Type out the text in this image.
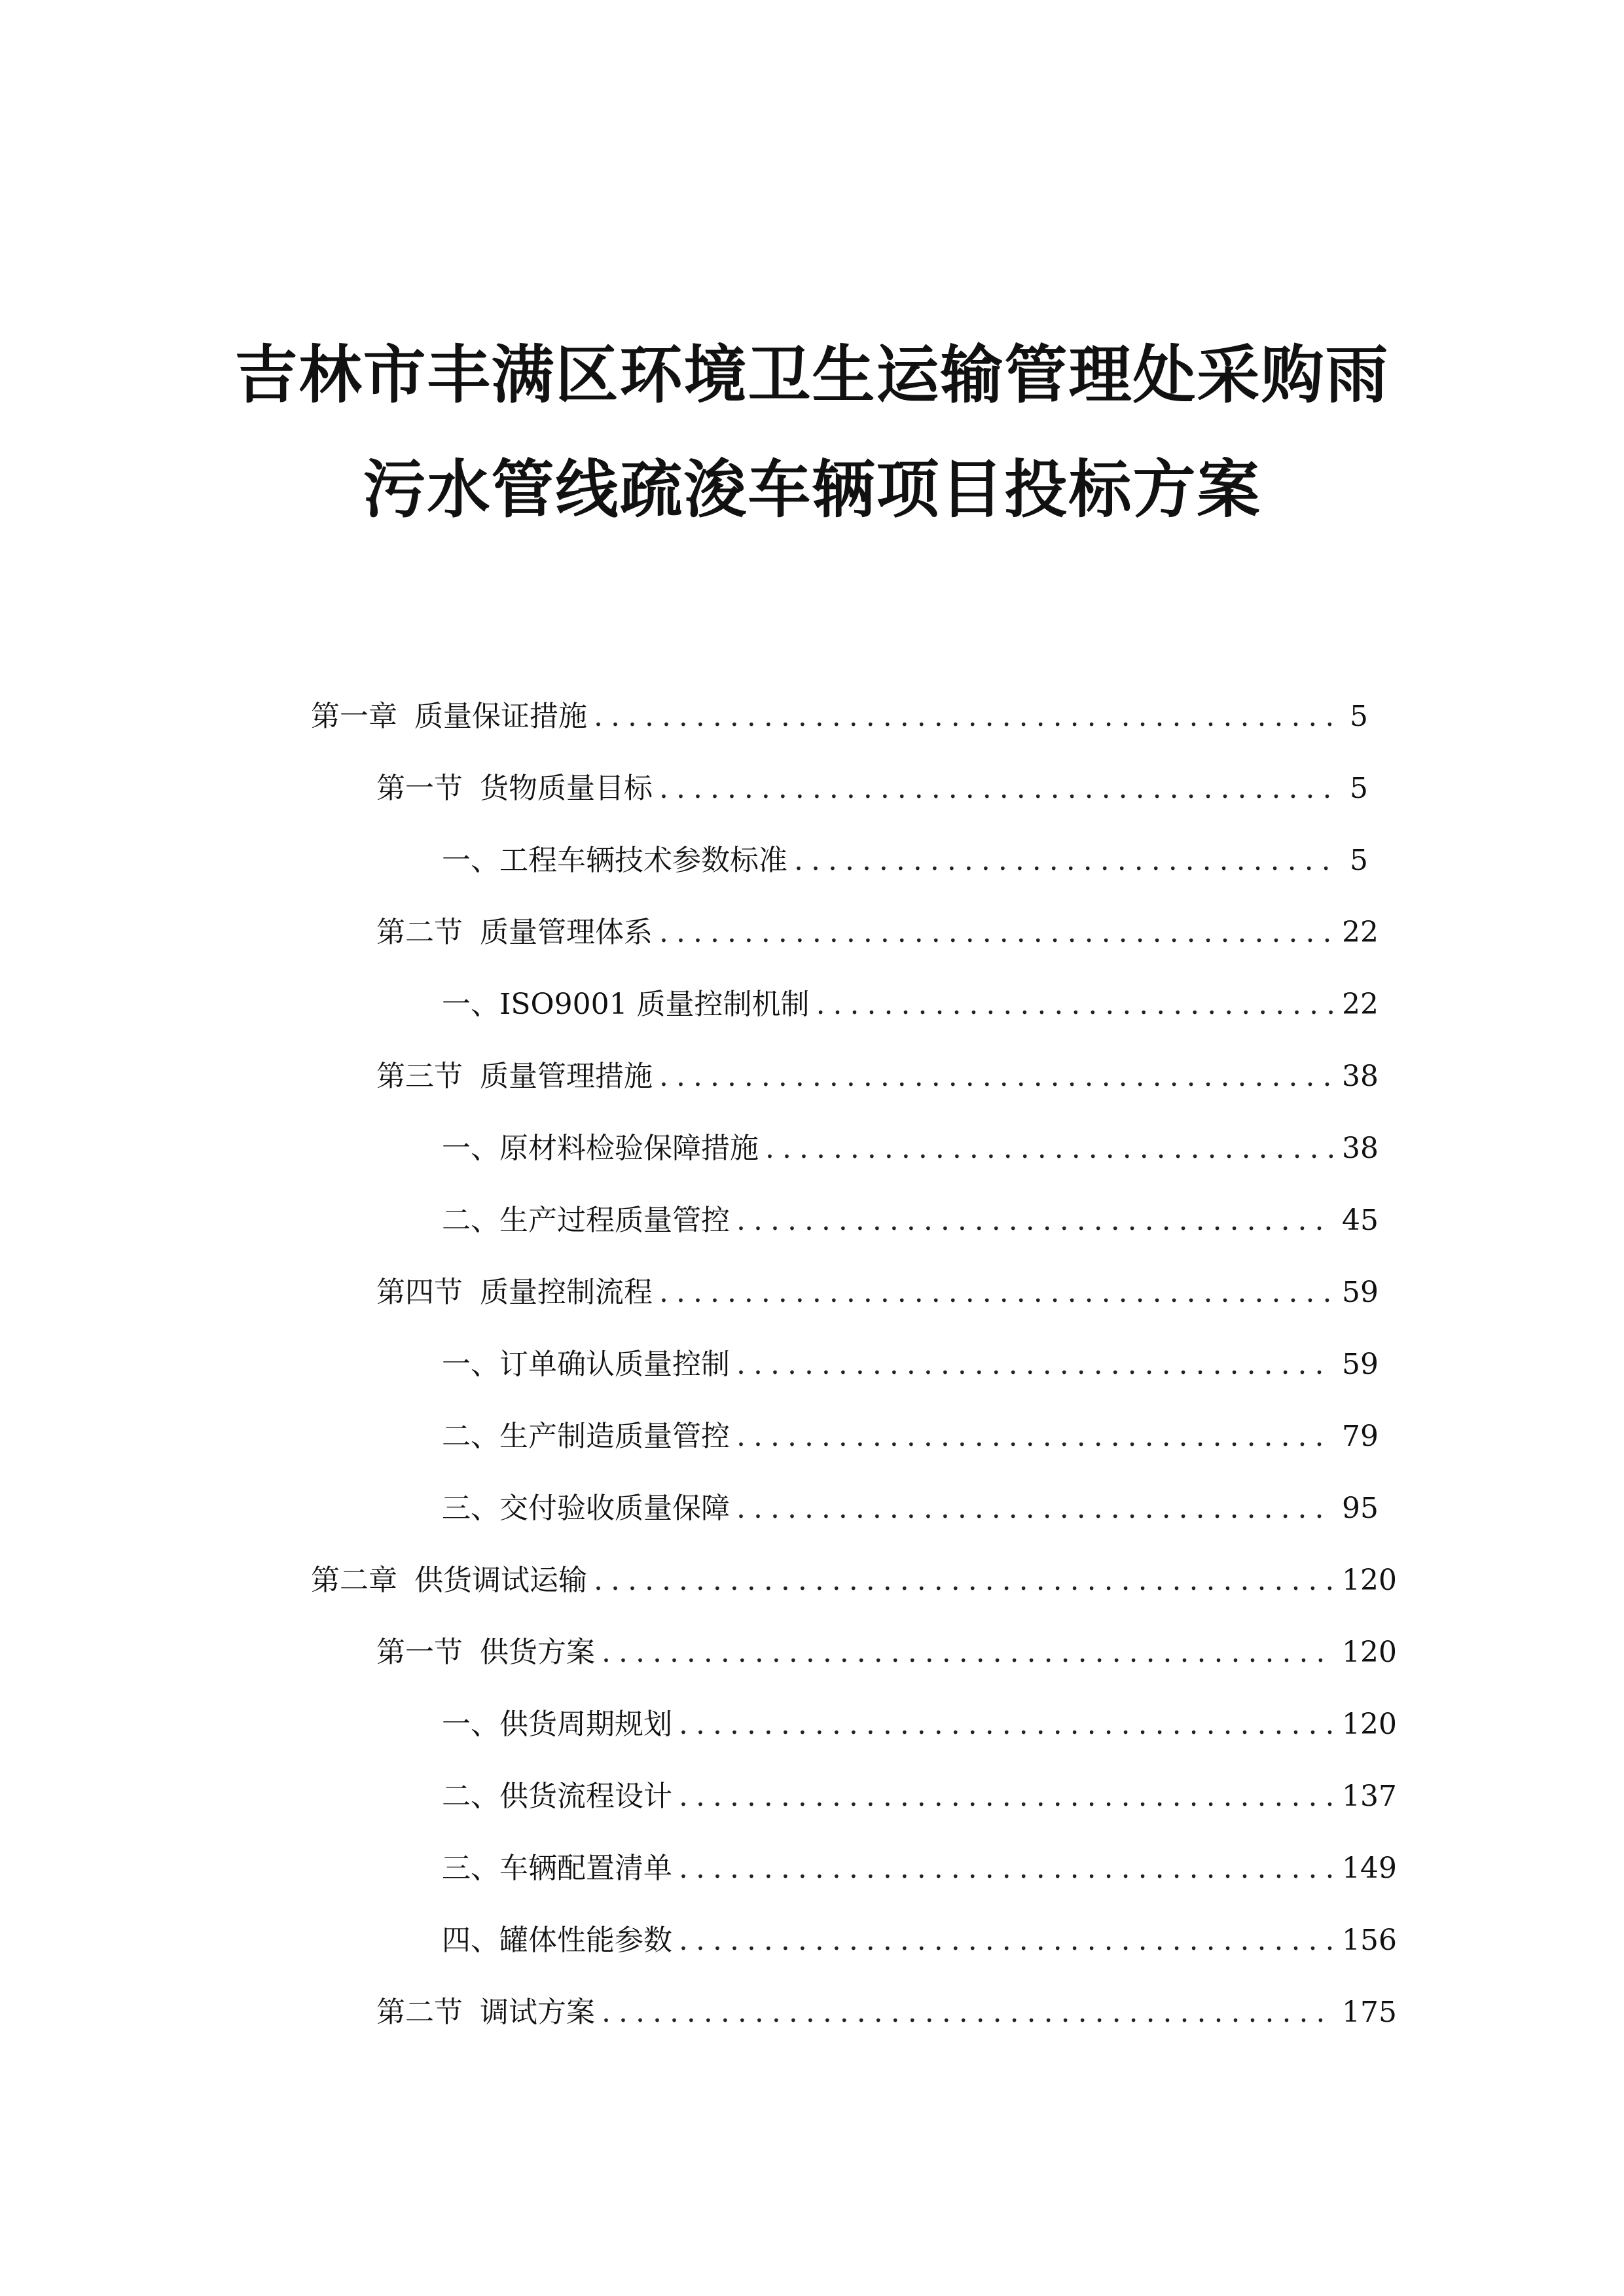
吉林市丰满区环境卫生运输管理处采购雨
污水管线疏浚车辆项目投标方案
第一章 质量保证措施 .....	5
第一节 货物质量目标 .....	5
一、 工程车辆技术参数标准 .....	5
第二节 质量管理体系 .....	22
一、 ISO9001 质量控制机制 .....	22
第三节 质量管理措施 .....	38
一、 原材料检验保障措施 .....	38
二、 生产过程质量管控 .....	45
第四节 质量控制流程 .....	59
一、 订单确认质量控制 .....	59
二、 生产制造质量管控 .....	79
三、 交付验收质量保障 .....	95
第二章 供货调试运输 .....	120
第一节 供货方案 .....	120
一、 供货周期规划 .....	120
二、 供货流程设计 .....	137
三、 车辆配置清单 .....	149
四、 罐体性能参数 .....	156
第二节 调试方案 .....	175
